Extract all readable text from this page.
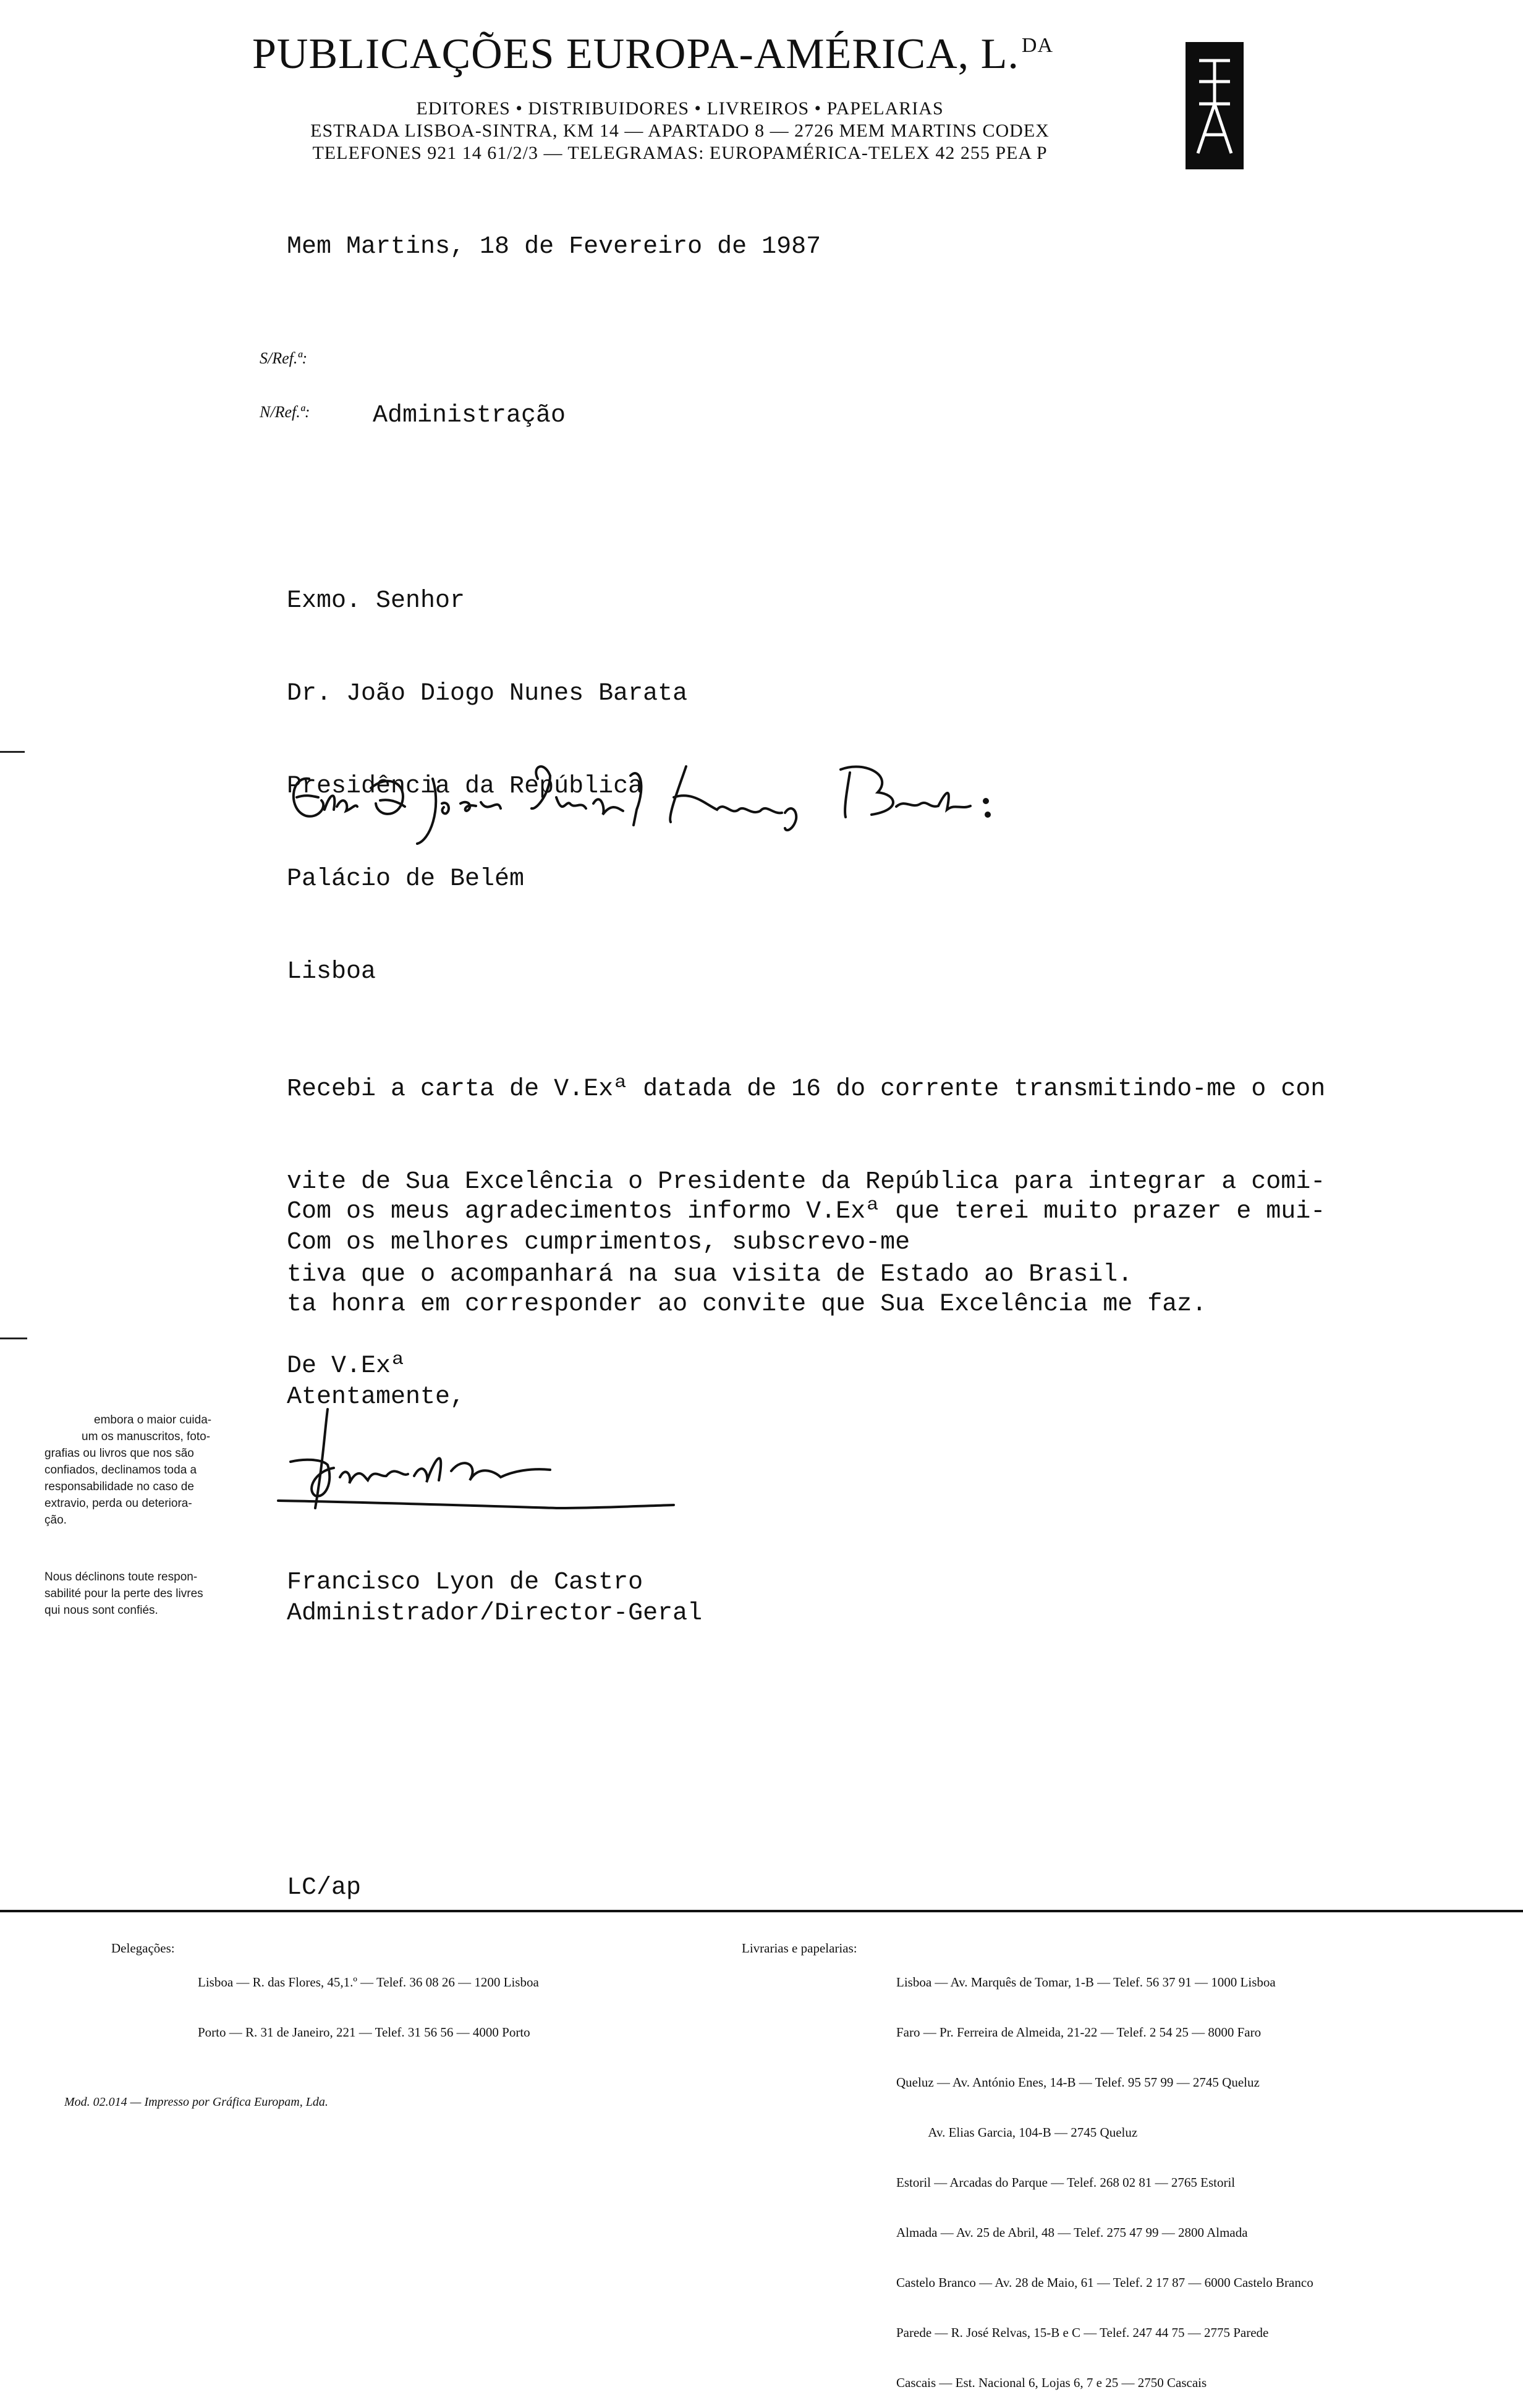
PUBLICAÇÕES EUROPA-AMÉRICA, L. $^{DA}$
EDITORES • DISTRIBUIDORES • LIVREIROS • PAPELARIAS
ESTRADA LISBOA-SINTRA, KM 14 — APARTADO 8 — 2726 MEM MARTINS CODEX
TELEFONES 921 14 61/2/3 — TELEGRAMAS: EUROPAMÉRICA-TELEX 42 255 PEA P
Mem Martins, 18 de Fevereiro de 1987
S/Ref.ª:
N/Ref.ª:	Administração

Exmo. Senhor

Dr. João Diogo Nunes Barata

Presidência da República

Palácio de Belém

Lisboa

Recebi a carta de V.Exª datada de 16 do corrente transmitindo-me o con

vite de Sua Excelência o Presidente da República para integrar a comi-

tiva que o acompanhará na sua visita de Estado ao Brasil.

Com os meus agradecimentos informo V.Exª que terei muito prazer e mui-

ta honra em corresponder ao convite que Sua Excelência me faz.

Com os melhores cumprimentos, subscrevo-me
De V.Exª
Atentamente,
Francisco Lyon de Castro
Administrador/Director-Geral
LC/ap
embora o maior cuida-
um os manuscritos, foto-
grafias ou livros que nos são
confiados, declinamos toda a
responsabilidade no caso de
extravio, perda ou deteriora-
ção.
Nous déclinons toute respon-
sabilité pour la perte des livres
qui nous sont confiés.
Delegações:

Lisboa — R. das Flores, 45,1.º — Telef. 36 08 26 — 1200 Lisboa

Porto — R. 31 de Janeiro, 221 — Telef. 31 56 56 — 4000 Porto

Livrarias e papelarias:

Lisboa — Av. Marquês de Tomar, 1-B — Telef. 56 37 91 — 1000 Lisboa

Faro — Pr. Ferreira de Almeida, 21-22 — Telef. 2 54 25 — 8000 Faro

Queluz — Av. António Enes, 14-B — Telef. 95 57 99 — 2745 Queluz

Av. Elias Garcia, 104-B — 2745 Queluz

Estoril — Arcadas do Parque — Telef. 268 02 81 — 2765 Estoril

Almada — Av. 25 de Abril, 48 — Telef. 275 47 99 — 2800 Almada

Castelo Branco — Av. 28 de Maio, 61 — Telef. 2 17 87 — 6000 Castelo Branco

Parede — R. José Relvas, 15-B e C — Telef. 247 44 75 — 2775 Parede

Cascais — Est. Nacional 6, Lojas 6, 7 e 25 — 2750 Cascais

Mod. 02.014 — Impresso por Gráfica Europam, Lda.
